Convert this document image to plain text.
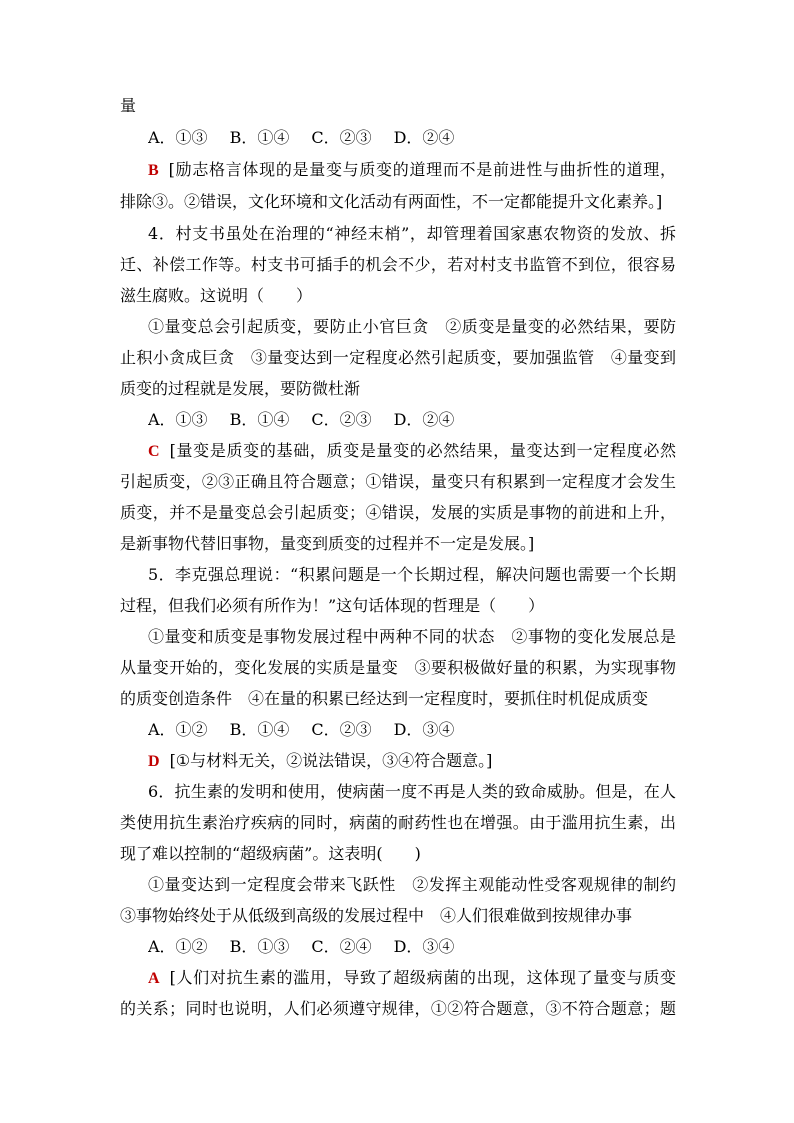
量
A．①③ B．①④ C．②③ D．②④
B [励志格言体现的是量变与质变的道理而不是前进性与曲折性的道理，
排除③。②错误，文化环境和文化活动有两面性，不一定都能提升文化素养。]
4．村支书虽处在治理的“神经末梢”，却管理着国家惠农物资的发放、拆
迁、补偿工作等。村支书可插手的机会不少，若对村支书监管不到位，很容易
滋生腐败。这说明（　　）
①量变总会引起质变，要防止小官巨贪　②质变是量变的必然结果，要防
止积小贪成巨贪　③量变达到一定程度必然引起质变，要加强监管　④量变到
质变的过程就是发展，要防微杜渐
A．①③ B．①④ C．②③ D．②④
C [量变是质变的基础，质变是量变的必然结果，量变达到一定程度必然
引起质变，②③正确且符合题意；①错误，量变只有积累到一定程度才会发生
质变，并不是量变总会引起质变；④错误，发展的实质是事物的前进和上升，
是新事物代替旧事物，量变到质变的过程并不一定是发展。]
5．李克强总理说：“积累问题是一个长期过程，解决问题也需要一个长期
过程，但我们必须有所作为！”这句话体现的哲理是（　　）
①量变和质变是事物发展过程中两种不同的状态　②事物的变化发展总是
从量变开始的，变化发展的实质是量变　③要积极做好量的积累，为实现事物
的质变创造条件　④在量的积累已经达到一定程度时，要抓住时机促成质变
A．①② B．①④ C．②③ D．③④
D [①与材料无关，②说法错误，③④符合题意。]
6．抗生素的发明和使用，使病菌一度不再是人类的致命威胁。但是，在人
类使用抗生素治疗疾病的同时，病菌的耐药性也在增强。由于滥用抗生素，出
现了难以控制的“超级病菌”。这表明(　　)
①量变达到一定程度会带来飞跃性　②发挥主观能动性受客观规律的制约
③事物始终处于从低级到高级的发展过程中　④人们很难做到按规律办事
A．①② B．①③ C．②④ D．③④
A [人们对抗生素的滥用，导致了超级病菌的出现，这体现了量变与质变
的关系；同时也说明，人们必须遵守规律，①②符合题意，③不符合题意；题
